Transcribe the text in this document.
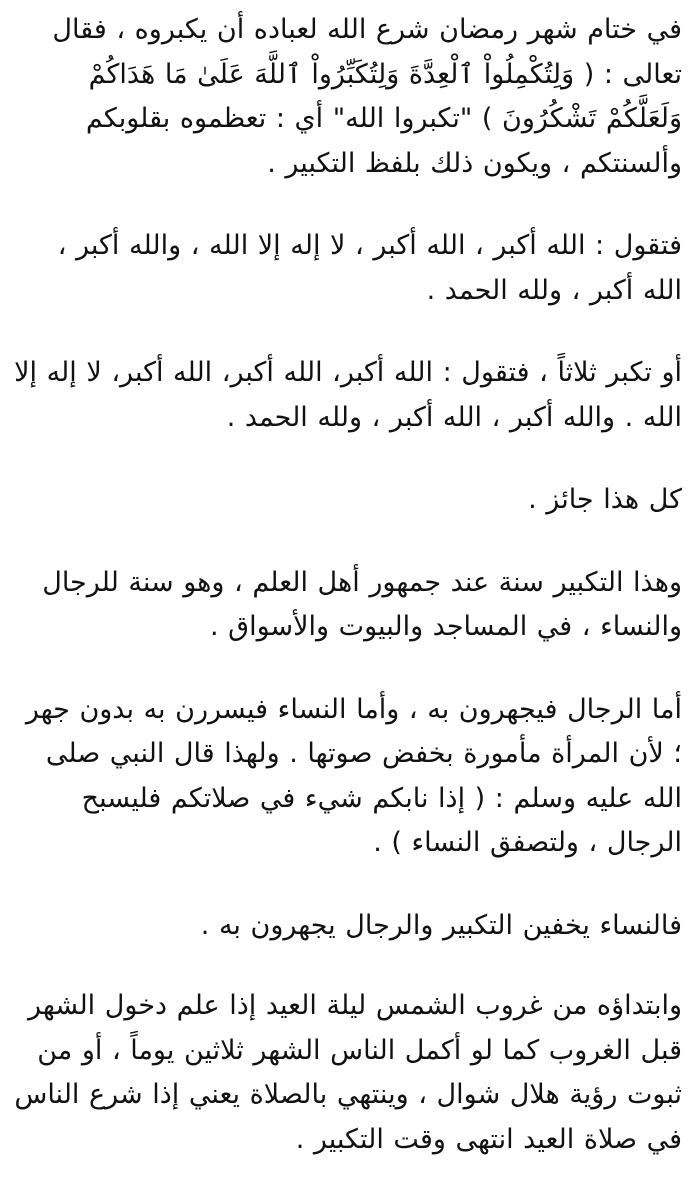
في ختام شهر رمضان شرع الله لعباده أن يكبروه ، فقال تعالى : ( وَلِتُكْمِلُواْ ٱلْعِدَّةَ وَلِتُكَبِّرُواْ ٱللَّهَ عَلَىٰ مَا هَدَاكُمْ وَلَعَلَّكُمْ تَشْكُرُونَ ) "تكبروا الله" أي : تعظموه بقلوبكم وألسنتكم ، ويكون ذلك بلفظ التكبير .

فتقول : الله أكبر ، الله أكبر ، لا إله إلا الله ، والله أكبر ، الله أكبر ، ولله الحمد .

أو تكبر ثلاثاً ، فتقول : الله أكبر، الله أكبر، الله أكبر، لا إله إلا الله . والله أكبر ، الله أكبر ، ولله الحمد .

كل هذا جائز .

وهذا التكبير سنة عند جمهور أهل العلم ، وهو سنة للرجال والنساء ، في المساجد والبيوت والأسواق .

أما الرجال فيجهرون به ، وأما النساء فيسررن به بدون جهر ؛ لأن المرأة مأمورة بخفض صوتها . ولهذا قال النبي صلى الله عليه وسلم : ( إذا نابكم شيء في صلاتكم فليسبح الرجال ، ولتصفق النساء ) .

فالنساء يخفين التكبير والرجال يجهرون به .

وابتداؤه من غروب الشمس ليلة العيد إذا علم دخول الشهر قبل الغروب كما لو أكمل الناس الشهر ثلاثين يوماً ، أو من ثبوت رؤية هلال شوال ، وينتهي بالصلاة يعني إذا شرع الناس في صلاة العيد انتهى وقت التكبير .
